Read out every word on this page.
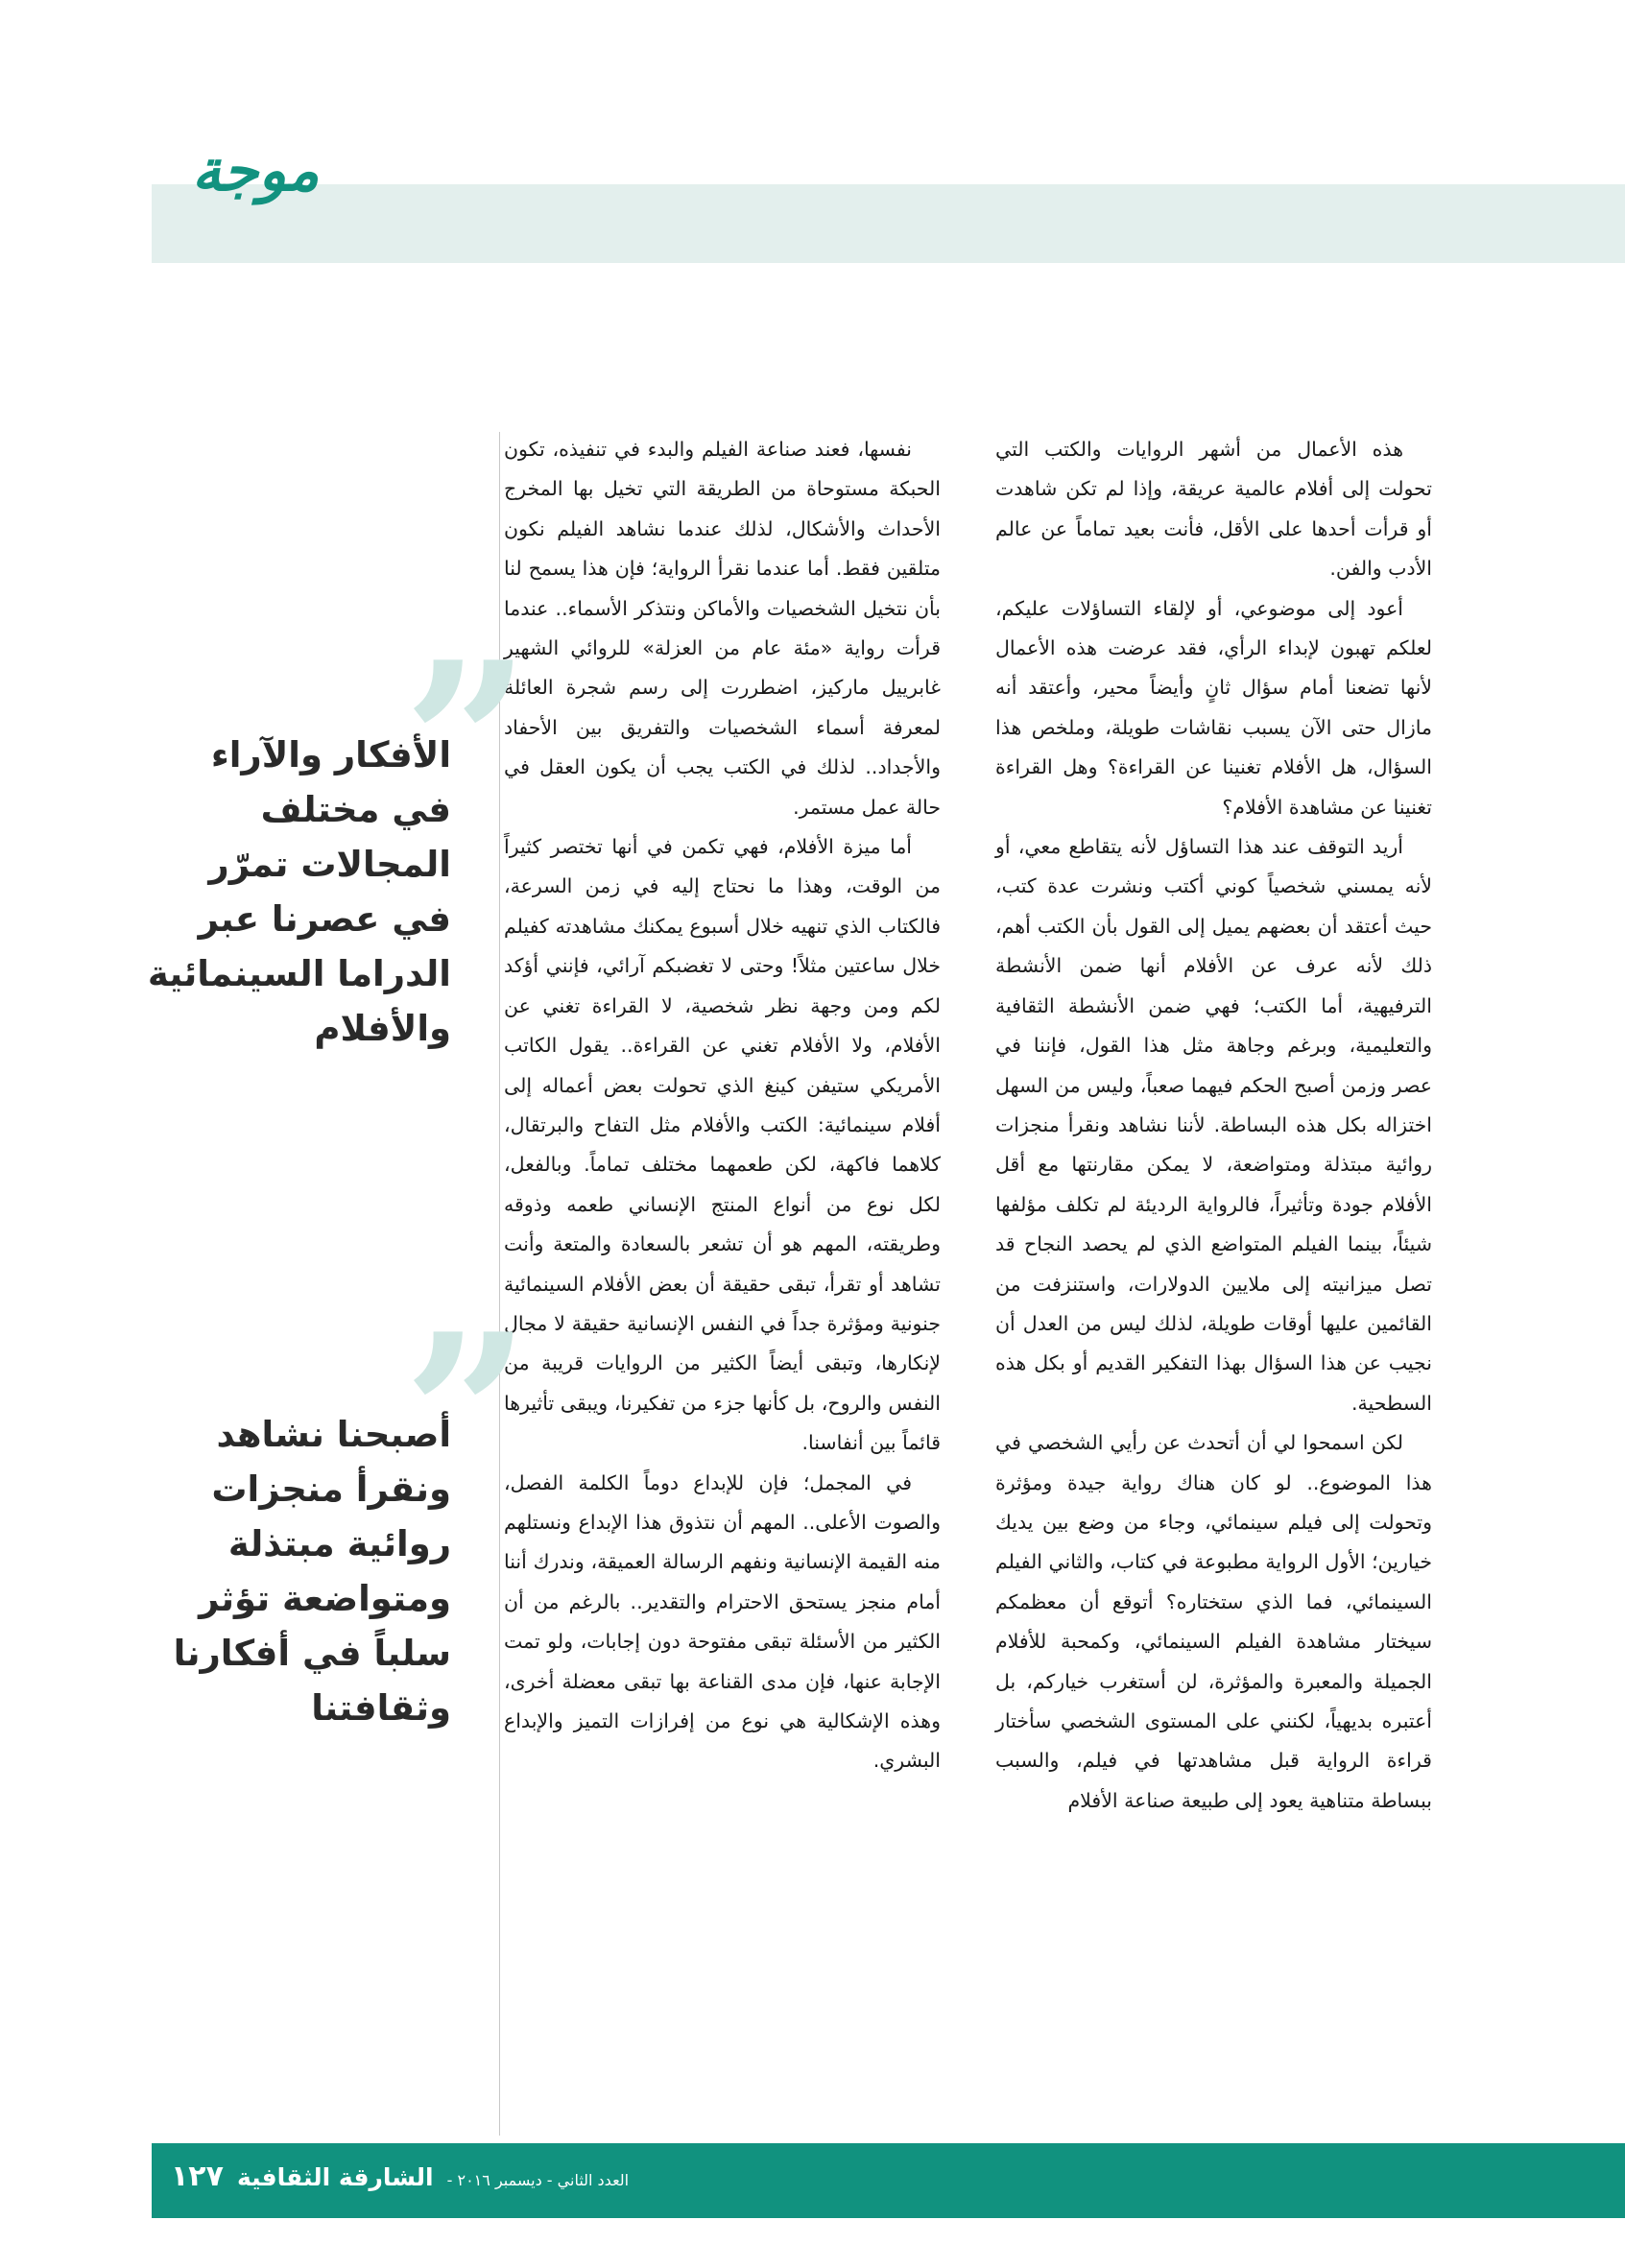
موجة

هذه الأعمال من أشهر الروايات والكتب التي تحولت إلى أفلام عالمية عريقة، وإذا لم تكن شاهدت أو قرأت أحدها على الأقل، فأنت بعيد تماماً عن عالم الأدب والفن.

أعود إلى موضوعي، أو لإلقاء التساؤلات عليكم، لعلكم تهبون لإبداء الرأي، فقد عرضت هذه الأعمال لأنها تضعنا أمام سؤال ثانٍ وأيضاً محير، وأعتقد أنه مازال حتى الآن يسبب نقاشات طويلة، وملخص هذا السؤال، هل الأفلام تغنينا عن القراءة؟ وهل القراءة تغنينا عن مشاهدة الأفلام؟

أريد التوقف عند هذا التساؤل لأنه يتقاطع معي، أو لأنه يمسني شخصياً كوني أكتب ونشرت عدة كتب، حيث أعتقد أن بعضهم يميل إلى القول بأن الكتب أهم، ذلك لأنه عرف عن الأفلام أنها ضمن الأنشطة الترفيهية، أما الكتب؛ فهي ضمن الأنشطة الثقافية والتعليمية، وبرغم وجاهة مثل هذا القول، فإننا في عصر وزمن أصبح الحكم فيهما صعباً، وليس من السهل اختزاله بكل هذه البساطة. لأننا نشاهد ونقرأ منجزات روائية مبتذلة ومتواضعة، لا يمكن مقارنتها مع أقل الأفلام جودة وتأثيراً، فالرواية الرديئة لم تكلف مؤلفها شيئاً، بينما الفيلم المتواضع الذي لم يحصد النجاح قد تصل ميزانيته إلى ملايين الدولارات، واستنزفت من القائمين عليها أوقات طويلة، لذلك ليس من العدل أن نجيب عن هذا السؤال بهذا التفكير القديم أو بكل هذه السطحية.

لكن اسمحوا لي أن أتحدث عن رأيي الشخصي في هذا الموضوع.. لو كان هناك رواية جيدة ومؤثرة وتحولت إلى فيلم سينمائي، وجاء من وضع بين يديك خيارين؛ الأول الرواية مطبوعة في كتاب، والثاني الفيلم السينمائي، فما الذي ستختاره؟ أتوقع أن معظمكم سيختار مشاهدة الفيلم السينمائي، وكمحبة للأفلام الجميلة والمعبرة والمؤثرة، لن أستغرب خياركم، بل أعتبره بديهياً، لكنني على المستوى الشخصي سأختار قراءة الرواية قبل مشاهدتها في فيلم، والسبب ببساطة متناهية يعود إلى طبيعة صناعة الأفلام

نفسها، فعند صناعة الفيلم والبدء في تنفيذه، تكون الحبكة مستوحاة من الطريقة التي تخيل بها المخرج الأحداث والأشكال، لذلك عندما نشاهد الفيلم نكون متلقين فقط. أما عندما نقرأ الرواية؛ فإن هذا يسمح لنا بأن نتخيل الشخصيات والأماكن ونتذكر الأسماء.. عندما قرأت رواية «مئة عام من العزلة» للروائي الشهير غابرييل ماركيز، اضطررت إلى رسم شجرة العائلة لمعرفة أسماء الشخصيات والتفريق بين الأحفاد والأجداد.. لذلك في الكتب يجب أن يكون العقل في حالة عمل مستمر.

أما ميزة الأفلام، فهي تكمن في أنها تختصر كثيراً من الوقت، وهذا ما نحتاج إليه في زمن السرعة، فالكتاب الذي تنهيه خلال أسبوع يمكنك مشاهدته كفيلم خلال ساعتين مثلاً! وحتى لا تغضبكم آرائي، فإنني أؤكد لكم ومن وجهة نظر شخصية، لا القراءة تغني عن الأفلام، ولا الأفلام تغني عن القراءة.. يقول الكاتب الأمريكي ستيفن كينغ الذي تحولت بعض أعماله إلى أفلام سينمائية: الكتب والأفلام مثل التفاح والبرتقال، كلاهما فاكهة، لكن طعمهما مختلف تماماً. وبالفعل، لكل نوع من أنواع المنتج الإنساني طعمه وذوقه وطريقته، المهم هو أن تشعر بالسعادة والمتعة وأنت تشاهد أو تقرأ، تبقى حقيقة أن بعض الأفلام السينمائية جنونية ومؤثرة جداً في النفس الإنسانية حقيقة لا مجال لإنكارها، وتبقى أيضاً الكثير من الروايات قريبة من النفس والروح، بل كأنها جزء من تفكيرنا، ويبقى تأثيرها قائماً بين أنفاسنا.

في المجمل؛ فإن للإبداع دوماً الكلمة الفصل، والصوت الأعلى.. المهم أن نتذوق هذا الإبداع ونستلهم منه القيمة الإنسانية ونفهم الرسالة العميقة، وندرك أننا أمام منجز يستحق الاحترام والتقدير.. بالرغم من أن الكثير من الأسئلة تبقى مفتوحة دون إجابات، ولو تمت الإجابة عنها، فإن مدى القناعة بها تبقى معضلة أخرى، وهذه الإشكالية هي نوع من إفرازات التميز والإبداع البشري.

”
الأفكار والآراء في مختلف المجالات تمرّر في عصرنا عبر الدراما السينمائية والأفلام
”
أصبحنا نشاهد ونقرأ منجزات روائية مبتذلة ومتواضعة تؤثر سلباً في أفكارنا وثقافتنا
العدد الثاني - ديسمبر ٢٠١٦ -
الشارقة الثقافية
١٢٧
